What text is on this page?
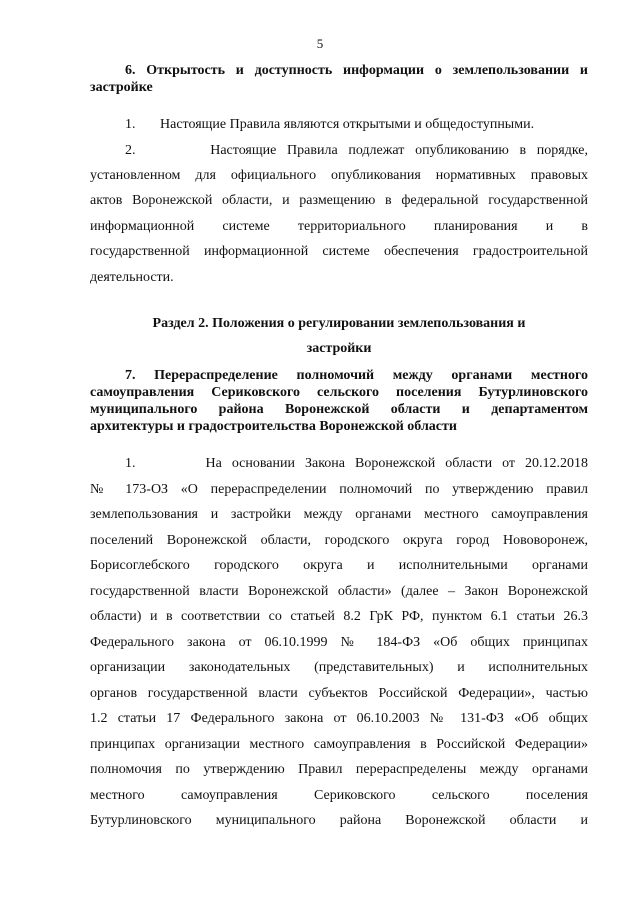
5
6. Открытость и доступность информации о землепользовании и
застройке
1.       Настоящие Правила являются открытыми и общедоступными.
2.       Настоящие Правила подлежат опубликованию в порядке,
установленном для официального опубликования нормативных правовых
актов Воронежской области, и размещению в федеральной государственной
информационной системе территориального планирования и в
государственной информационной системе обеспечения градостроительной
деятельности.
Раздел 2. Положения о регулировании землепользования и
застройки
7. Перераспределение полномочий между органами местного
самоуправления Сериковского сельского поселения Бутурлиновского
муниципального района Воронежской области и департаментом
архитектуры и градостроительства Воронежской области
1.       На основании Закона Воронежской области от 20.12.2018
№ 173-ОЗ «О перераспределении полномочий по утверждению правил
землепользования и застройки между органами местного самоуправления
поселений Воронежской области, городского округа город Нововоронеж,
Борисоглебского городского округа и исполнительными органами
государственной власти Воронежской области» (далее – Закон Воронежской
области) и в соответствии со статьей 8.2 ГрК РФ, пунктом 6.1 статьи 26.3
Федерального закона от 06.10.1999 № 184-ФЗ «Об общих принципах
организации законодательных (представительных) и исполнительных
органов государственной власти субъектов Российской Федерации», частью
1.2 статьи 17 Федерального закона от 06.10.2003 № 131-ФЗ «Об общих
принципах организации местного самоуправления в Российской Федерации»
полномочия по утверждению Правил перераспределены между органами
местного самоуправления Сериковского сельского поселения
Бутурлиновского муниципального района Воронежской области и
